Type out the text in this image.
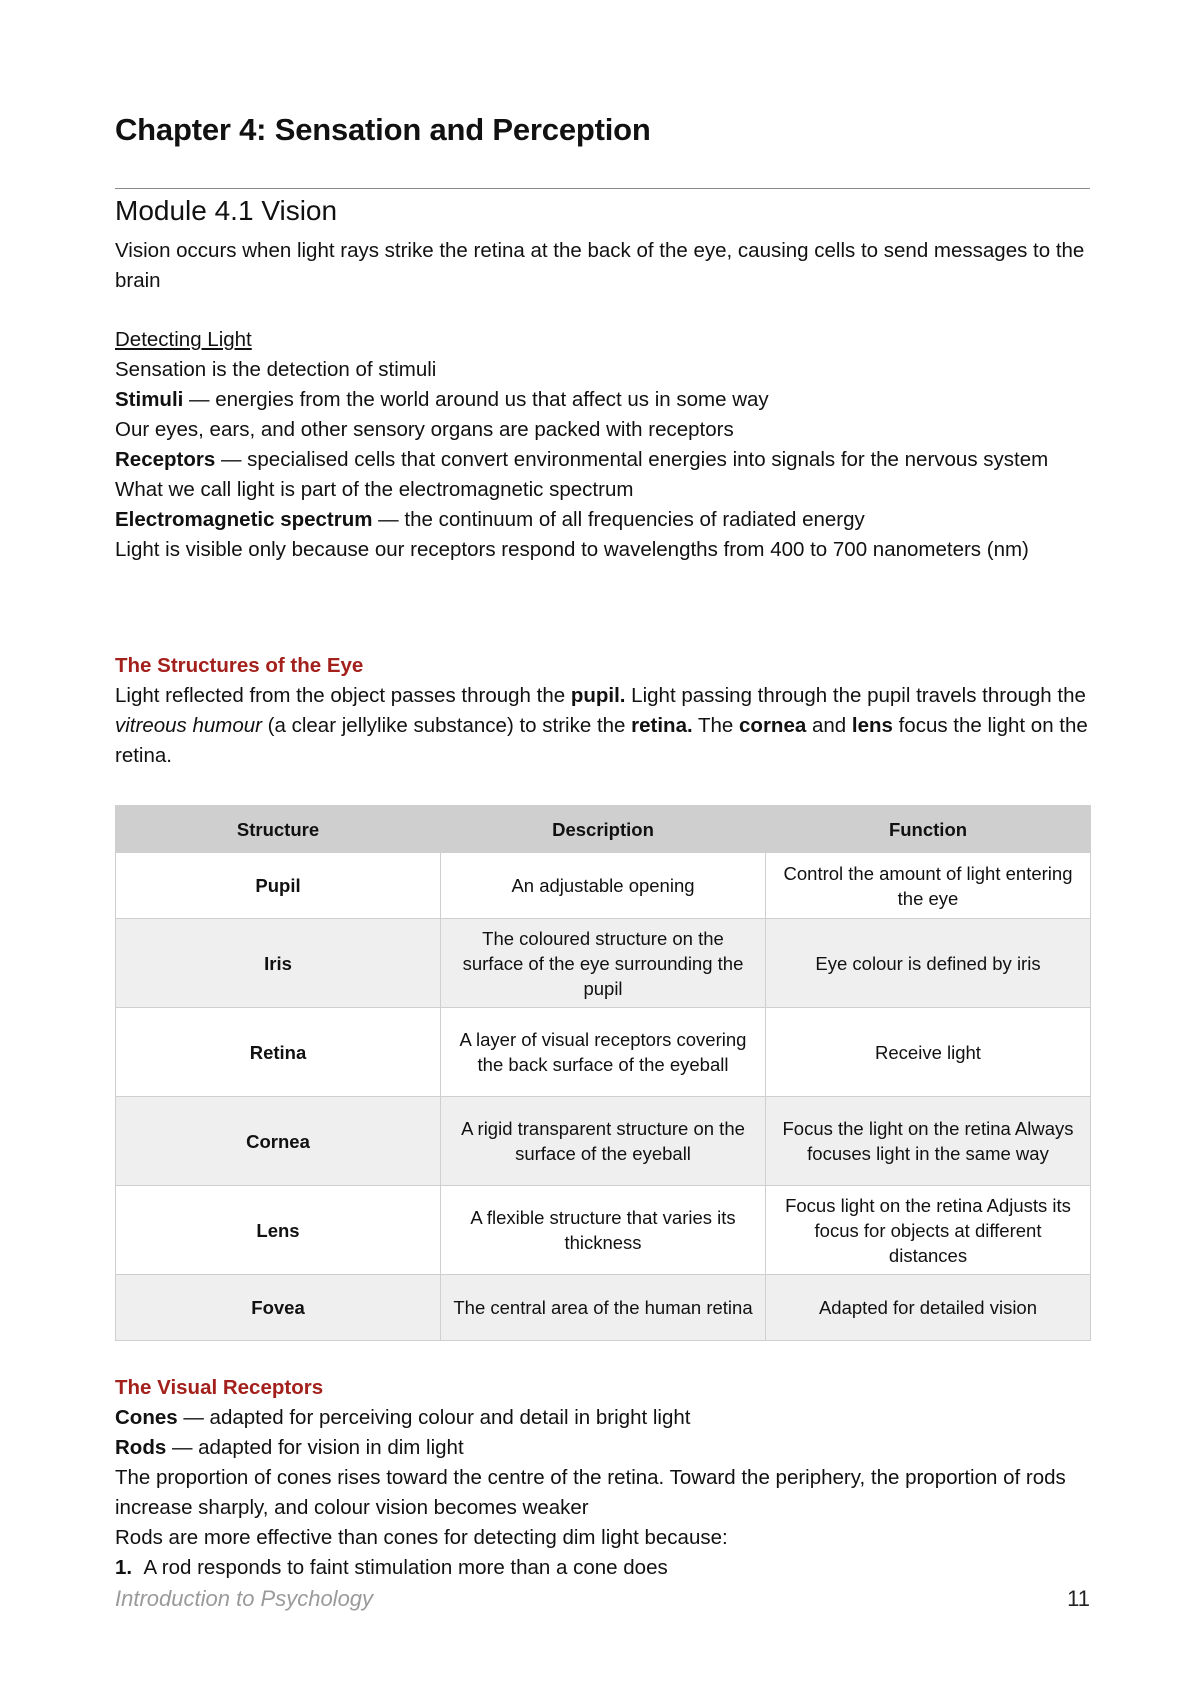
Chapter 4: Sensation and Perception
Module 4.1 Vision

Vision occurs when light rays strike the retina at the back of the eye, causing cells to send messages to the brain

Detecting Light

Sensation is the detection of stimuli

Stimuli — energies from the world around us that affect us in some way

Our eyes, ears, and other sensory organs are packed with receptors

Receptors — specialised cells that convert environmental energies into signals for the nervous system

What we call light is part of the electromagnetic spectrum

Electromagnetic spectrum — the continuum of all frequencies of radiated energy

Light is visible only because our receptors respond to wavelengths from 400 to 700 nanometers (nm)

The Structures of the Eye

Light reflected from the object passes through the pupil. Light passing through the pupil travels through the vitreous humour (a clear jellylike substance) to strike the retina. The cornea and lens focus the light on the retina.

Structure	Description	Function
Pupil	An adjustable opening	Control the amount of light entering the eye
Iris	The coloured structure on the surface of the eye surrounding the pupil	Eye colour is defined by iris
Retina	A layer of visual receptors covering the back surface of the eyeball	Receive light
Cornea	A rigid transparent structure on the surface of the eyeball	Focus the light on the retina Always focuses light in the same way
Lens	A flexible structure that varies its thickness	Focus light on the retina Adjusts its focus for objects at different distances
Fovea	The central area of the human retina	Adapted for detailed vision

The Visual Receptors

Cones — adapted for perceiving colour and detail in bright light

Rods — adapted for vision in dim light

The proportion of cones rises toward the centre of the retina. Toward the periphery, the proportion of rods increase sharply, and colour vision becomes weaker

Rods are more effective than cones for detecting dim light because:

1. A rod responds to faint stimulation more than a cone does

Introduction to Psychology	11
